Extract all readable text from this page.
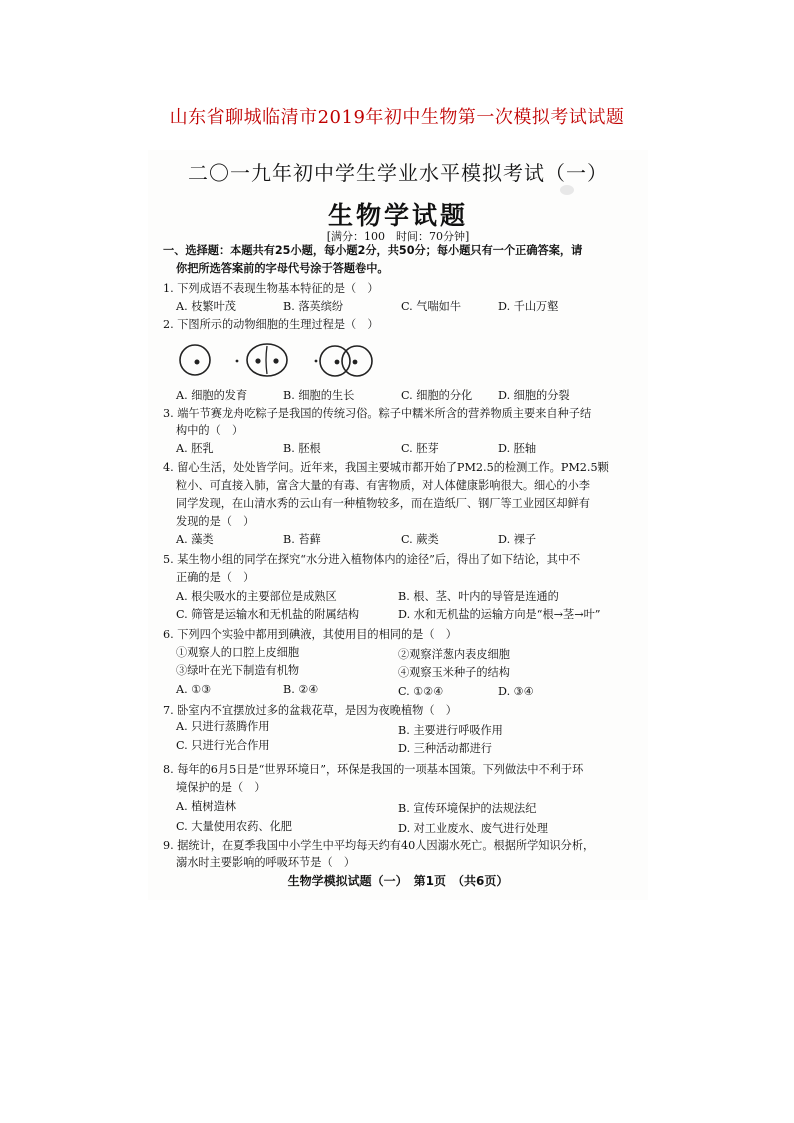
山东省聊城临清市2019年初中生物第一次模拟考试试题
二〇一九年初中学生学业水平模拟考试（一）
生物学试题
[满分：100　时间：70分钟]
一、选择题：本题共有25小题，每小题2分，共50分；每小题只有一个正确答案，请
你把所选答案前的字母代号涂于答题卷中。
1. 下列成语不表现生物基本特征的是（　）
A. 枝繁叶茂	B. 落英缤纷	C. 气喘如牛	D. 千山万壑
2. 下图所示的动物细胞的生理过程是（　）
A. 细胞的发育	B. 细胞的生长	C. 细胞的分化 D. 细胞的分裂
3. 端午节赛龙舟吃粽子是我国的传统习俗。粽子中糯米所含的营养物质主要来自种子结
构中的（　）
A. 胚乳	B. 胚根	C. 胚芽	D. 胚轴
4. 留心生活，处处皆学问。近年来，我国主要城市都开始了PM2.5的检测工作。PM2.5颗
粒小、可直接入肺，富含大量的有毒、有害物质，对人体健康影响很大。细心的小李
同学发现，在山清水秀的云山有一种植物较多，而在造纸厂、钢厂等工业园区却鲜有
发现的是（　）
A. 藻类	B. 苔藓	C. 蕨类	D. 裸子
5. 某生物小组的同学在探究“水分进入植物体内的途径”后，得出了如下结论，其中不
正确的是（　）
A. 根尖吸水的主要部位是成熟区	B. 根、茎、叶内的导管是连通的
C. 筛管是运输水和无机盐的附属结构	D. 水和无机盐的运输方向是“根→茎→叶”
6. 下列四个实验中都用到碘液，其使用目的相同的是（　）
①观察人的口腔上皮细胞	②观察洋葱内表皮细胞
③绿叶在光下制造有机物	④观察玉米种子的结构
A. ①③	B. ②④	C. ①②④	D. ③④
7. 卧室内不宜摆放过多的盆栽花草，是因为夜晚植物（　）
A. 只进行蒸腾作用	B. 主要进行呼吸作用
C. 只进行光合作用	D. 三种活动都进行
8. 每年的6月5日是“世界环境日”，环保是我国的一项基本国策。下列做法中不利于环
境保护的是（　）
A. 植树造林	B. 宣传环境保护的法规法纪
C. 大量使用农药、化肥	D. 对工业废水、废气进行处理
9. 据统计，在夏季我国中小学生中平均每天约有40人因溺水死亡。根据所学知识分析，
溺水时主要影响的呼吸环节是（　）
生物学模拟试题（一）　第1页　（共6页）
